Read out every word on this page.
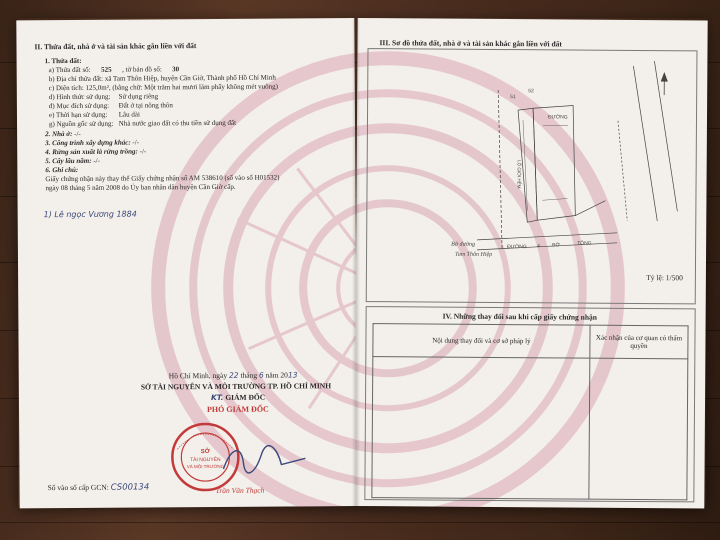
II. Thửa đất, nhà ở và tài sản khác gắn liền với đất
1. Thửa đất:
a) Thửa đất số: 525 , tờ bản đồ số: 30
b) Địa chỉ thửa đất: xã Tam Thôn Hiệp, huyện Cần Giờ, Thành phố Hồ Chí Minh
c) Diện tích: 125,0m², (bằng chữ: Một trăm hai mươi lăm phẩy không mét vuông)
d) Hình thức sử dụng: Sử dụng riêng
đ) Mục đích sử dụng: Đất ở tại nông thôn
e) Thời hạn sử dụng: Lâu dài
g) Nguồn gốc sử dụng: Nhà nước giao đất có thu tiền sử dụng đất
2. Nhà ở: -/-
3. Công trình xây dựng khác: -/-
4. Rừng sản xuất là rừng trồng: -/-
5. Cây lâu năm: -/-
6. Ghi chú:
Giấy chứng nhận này thay thế Giấy chứng nhận số AM 538610 (số vào sổ H01532)
ngày 08 tháng 5 năm 2008 do Ủy ban nhân dân huyện Cần Giờ cấp.
1) Lê ngọc Vương 1884
Hồ Chí Minh, ngày 22 tháng 6 năm 2013
SỞ TÀI NGUYÊN VÀ MÔI TRƯỜNG TP. HỒ CHÍ MINH
KT. GIÁM ĐỐC
PHÓ GIÁM ĐỐC
SỞ
TÀI NGUYÊN
VÀ MÔI TRƯỜNG
Trần Văn Thạch
Số vào sổ cấp GCN: CS00134
III. Sơ đồ thửa đất, nhà ở và tài sản khác gắn liền với đất
51
52
ĐƯỜNG
LỘ GIỚI HẺM
ĐƯỜNG 4 BỜ	TÔNG
Bờ đường
Tam Thôn Hiệp
Tỷ lệ: 1/500
IV. Những thay đổi sau khi cấp giấy chứng nhận
Nội dung thay đổi và cơ sở pháp lý	Xác nhận của cơ quan có thẩm quyền
